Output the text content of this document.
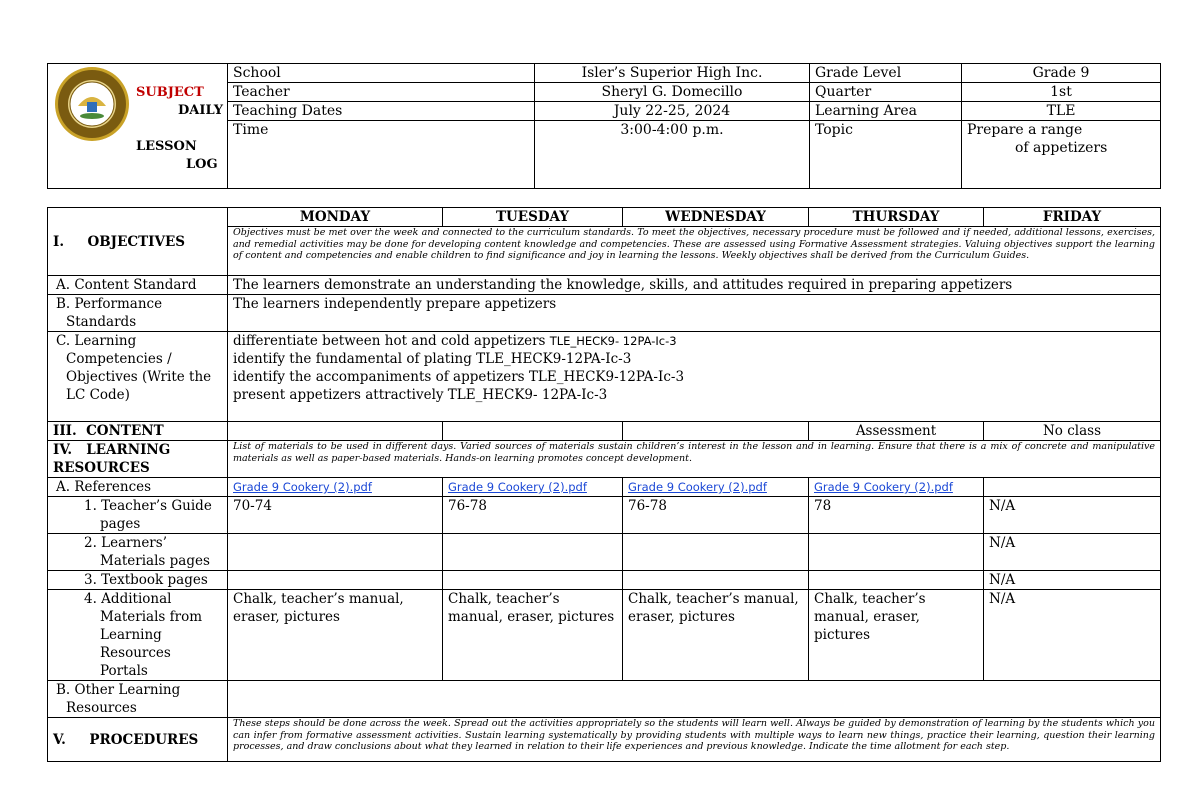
SUBJECT
DAILY
LESSON
LOG	School	Isler’s Superior High Inc.	Grade Level	Grade 9
	Teacher	Sheryl G. Domecillo	Quarter	1st
	Teaching Dates	July 22-25, 2024	Learning Area	TLE
	Time	3:00-4:00 p.m.	Topic	Prepare a range
of appetizers
I. OBJECTIVES	MONDAY	TUESDAY	WEDNESDAY	THURSDAY	FRIDAY
	Objectives must be met over the week and connected to the curriculum standards. To meet the objectives, necessary procedure must be followed and if needed, additional lessons, exercises, and remedial activities may be done for developing content knowledge and competencies. These are assessed using Formative Assessment strategies. Valuing objectives support the learning of content and competencies and enable children to find significance and joy in learning the lessons. Weekly objectives shall be derived from the Curriculum Guides.				
A. Content Standard	The learners demonstrate an understanding the knowledge, skills, and attitudes required in preparing appetizers				
B. Performance Standards	The learners independently prepare appetizers				
C. Learning Competencies / Objectives (Write the LC Code)	differentiate between hot and cold appetizers TLE_HECK9- 12PA-Ic-3
identify the fundamental of plating TLE_HECK9-12PA-Ic-3
identify the accompaniments of appetizers TLE_HECK9-12PA-Ic-3
present appetizers attractively TLE_HECK9- 12PA-Ic-3				

III. CONTENT				Assessment	No class
IV. LEARNING RESOURCES	List of materials to be used in different days. Varied sources of materials sustain children’s interest in the lesson and in learning. Ensure that there is a mix of concrete and manipulative materials as well as paper-based materials. Hands-on learning promotes concept development.				
A. References	Grade 9 Cookery (2).pdf	Grade 9 Cookery (2).pdf	Grade 9 Cookery (2).pdf	Grade 9 Cookery (2).pdf	
1. Teacher’s Guide pages	70-74	76-78	76-78	78	N/A
2. Learners’ Materials pages					N/A
3. Textbook pages					N/A
4. Additional Materials from Learning Resources Portals	Chalk, teacher’s manual, eraser, pictures	Chalk, teacher’s manual, eraser, pictures	Chalk, teacher’s manual, eraser, pictures	Chalk, teacher’s manual, eraser, pictures	N/A
B. Other Learning Resources					
V. PROCEDURES	These steps should be done across the week. Spread out the activities appropriately so the students will learn well. Always be guided by demonstration of learning by the students which you can infer from formative assessment activities. Sustain learning systematically by providing students with multiple ways to learn new things, practice their learning, question their learning processes, and draw conclusions about what they learned in relation to their life experiences and previous knowledge. Indicate the time allotment for each step.				
